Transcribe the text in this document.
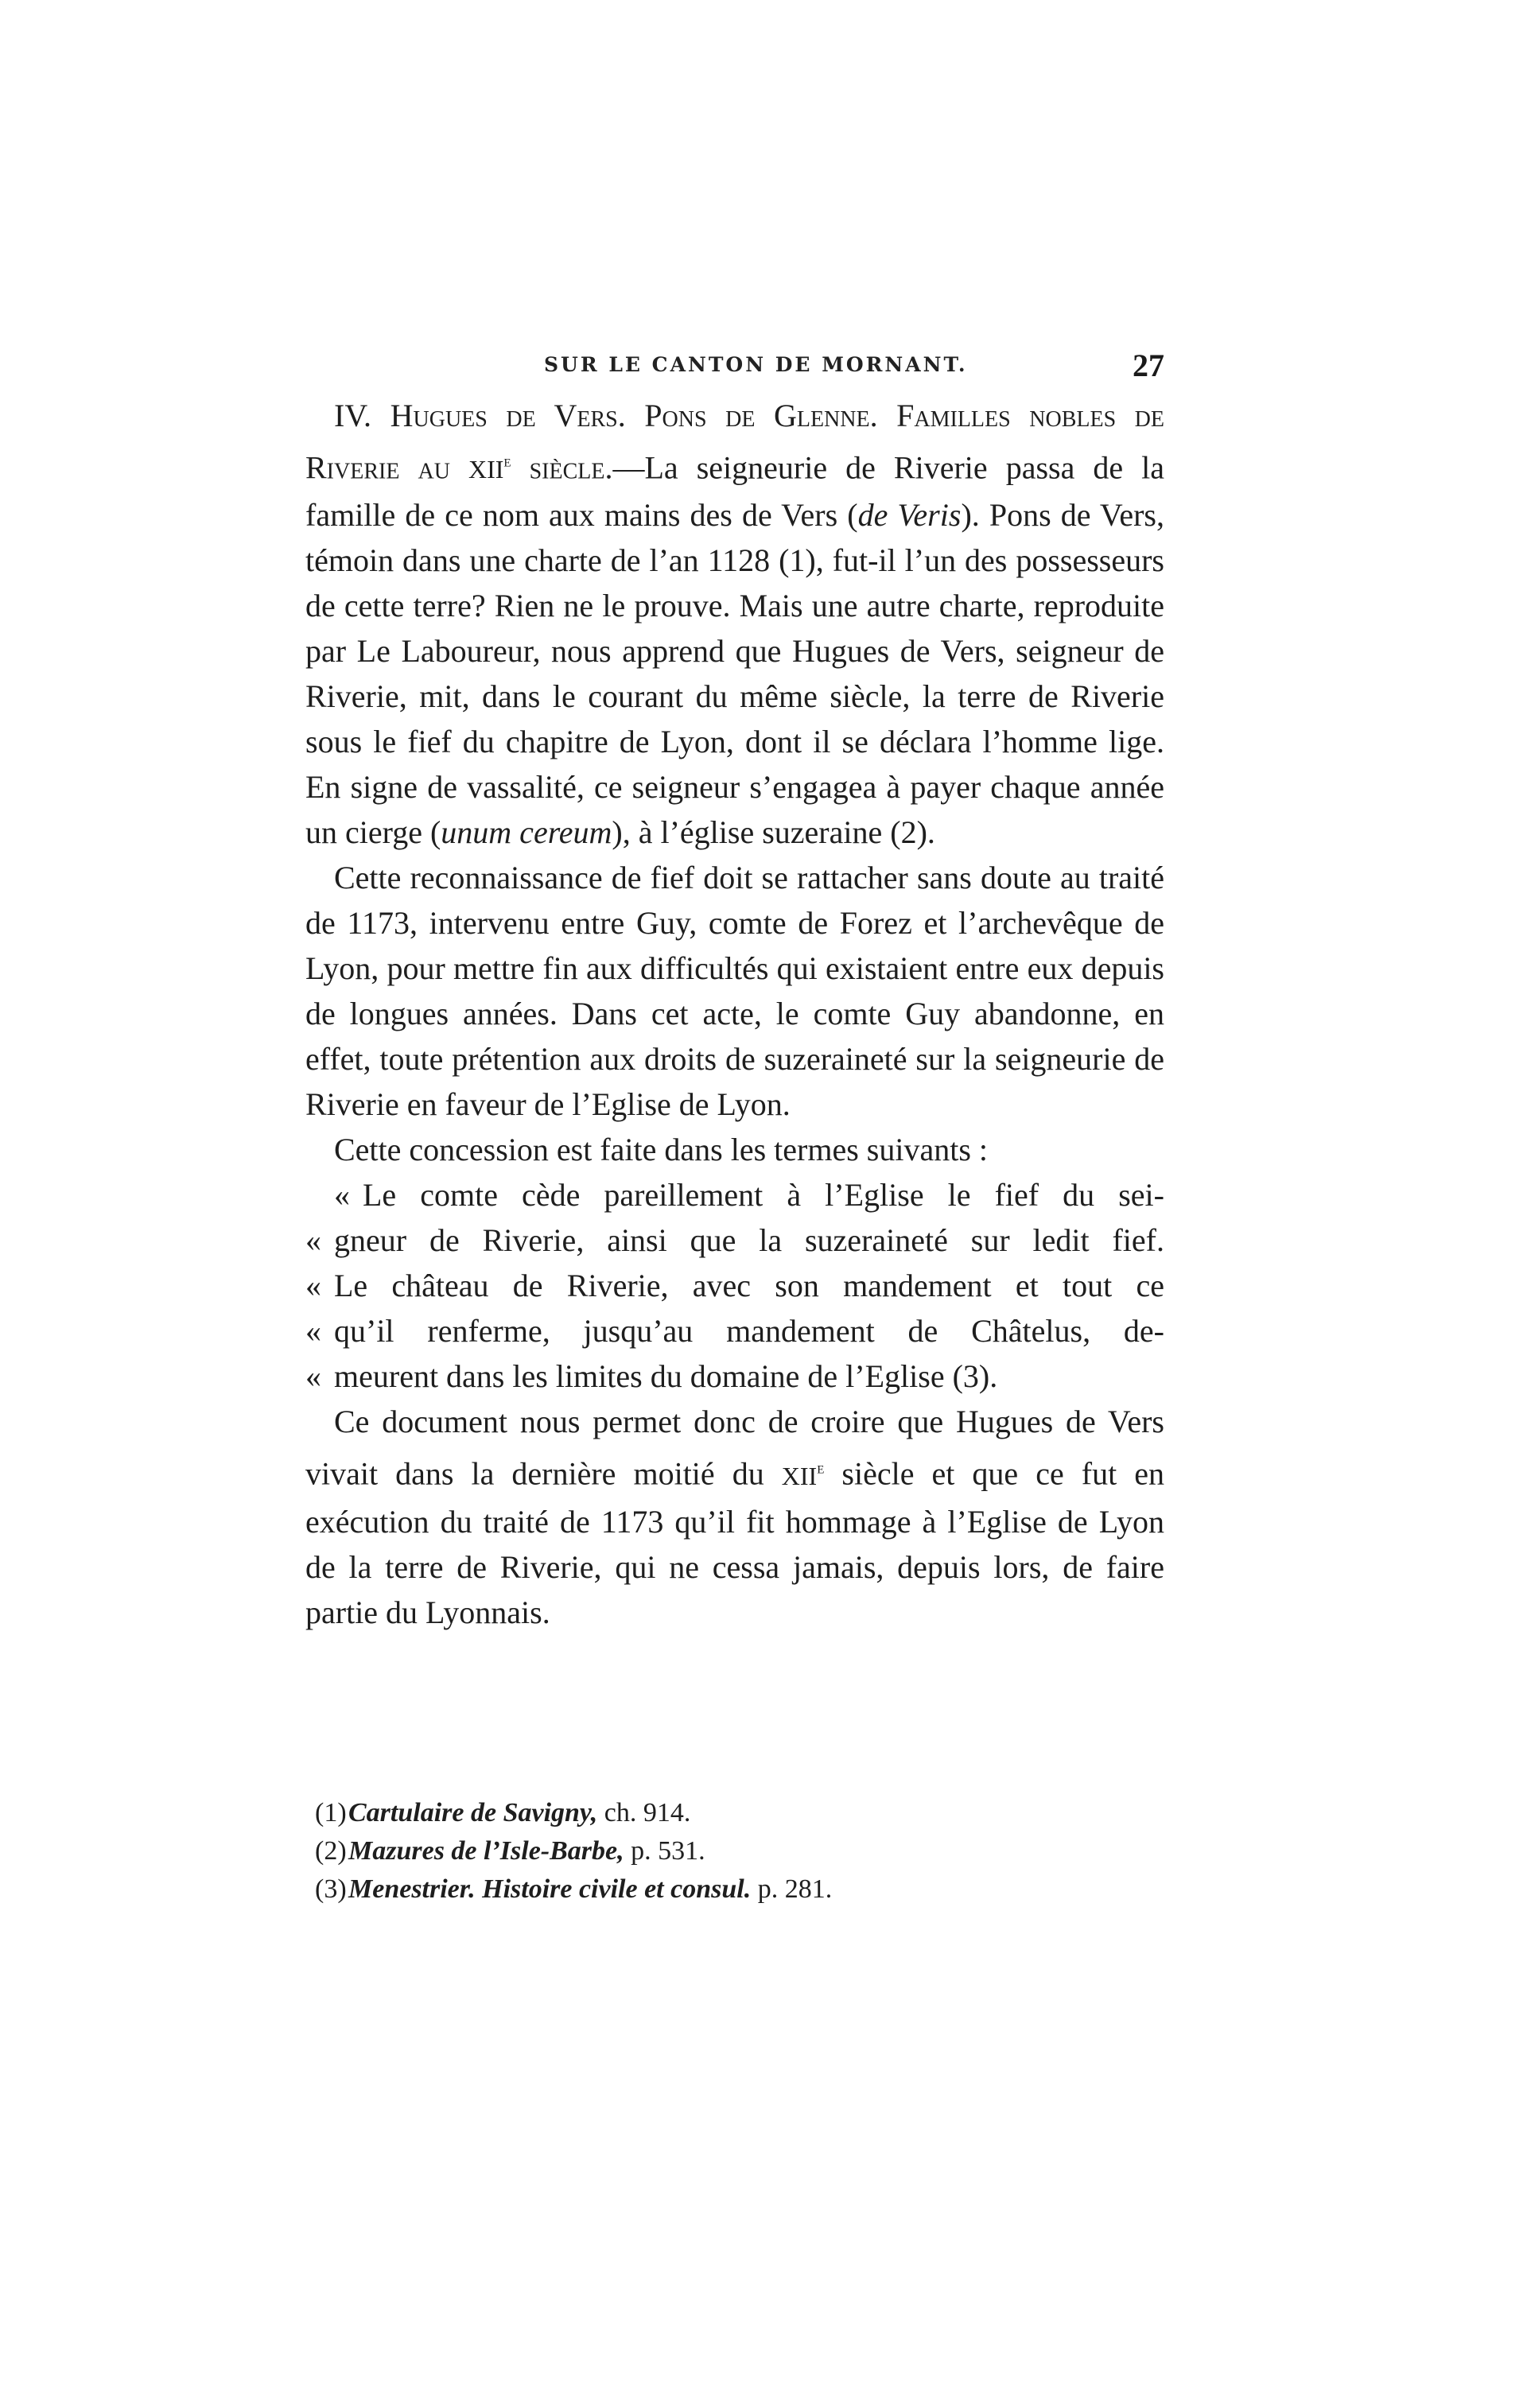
SUR LE CANTON DE MORNANT.	27

IV. Hugues de Vers. Pons de Glenne. Familles nobles de Riverie au XIIe siècle.—La seigneurie de Riverie passa de la famille de ce nom aux mains des de Vers (de Veris). Pons de Vers, témoin dans une charte de l’an 1128 (1), fut-il l’un des possesseurs de cette terre? Rien ne le prouve. Mais une autre charte, reproduite par Le Laboureur, nous apprend que Hugues de Vers, seigneur de Riverie, mit, dans le courant du même siècle, la terre de Riverie sous le fief du chapitre de Lyon, dont il se déclara l’homme lige. En signe de vassalité, ce seigneur s’engagea à payer chaque année un cierge (unum cereum), à l’église suzeraine (2).

Cette reconnaissance de fief doit se rattacher sans doute au traité de 1173, intervenu entre Guy, comte de Forez et l’archevêque de Lyon, pour mettre fin aux difficultés qui existaient entre eux depuis de longues années. Dans cet acte, le comte Guy abandonne, en effet, toute prétention aux droits de suzeraineté sur la seigneurie de Riverie en faveur de l’Eglise de Lyon.

Cette concession est faite dans les termes suivants :

« Le comte cède pareillement à l’Eglise le fief du sei-

« gneur de Riverie, ainsi que la suzeraineté sur ledit fief.

« Le château de Riverie, avec son mandement et tout ce

« qu’il renferme, jusqu’au mandement de Châtelus, de-

« meurent dans les limites du domaine de l’Eglise (3).

Ce document nous permet donc de croire que Hugues de Vers vivait dans la dernière moitié du XIIe siècle et que ce fut en exécution du traité de 1173 qu’il fit hommage à l’Eglise de Lyon de la terre de Riverie, qui ne cessa jamais, depuis lors, de faire partie du Lyonnais.

(1)Cartulaire de Savigny, ch. 914.

(2)Mazures de l’Isle-Barbe, p. 531.

(3)Menestrier. Histoire civile et consul. p. 281.
